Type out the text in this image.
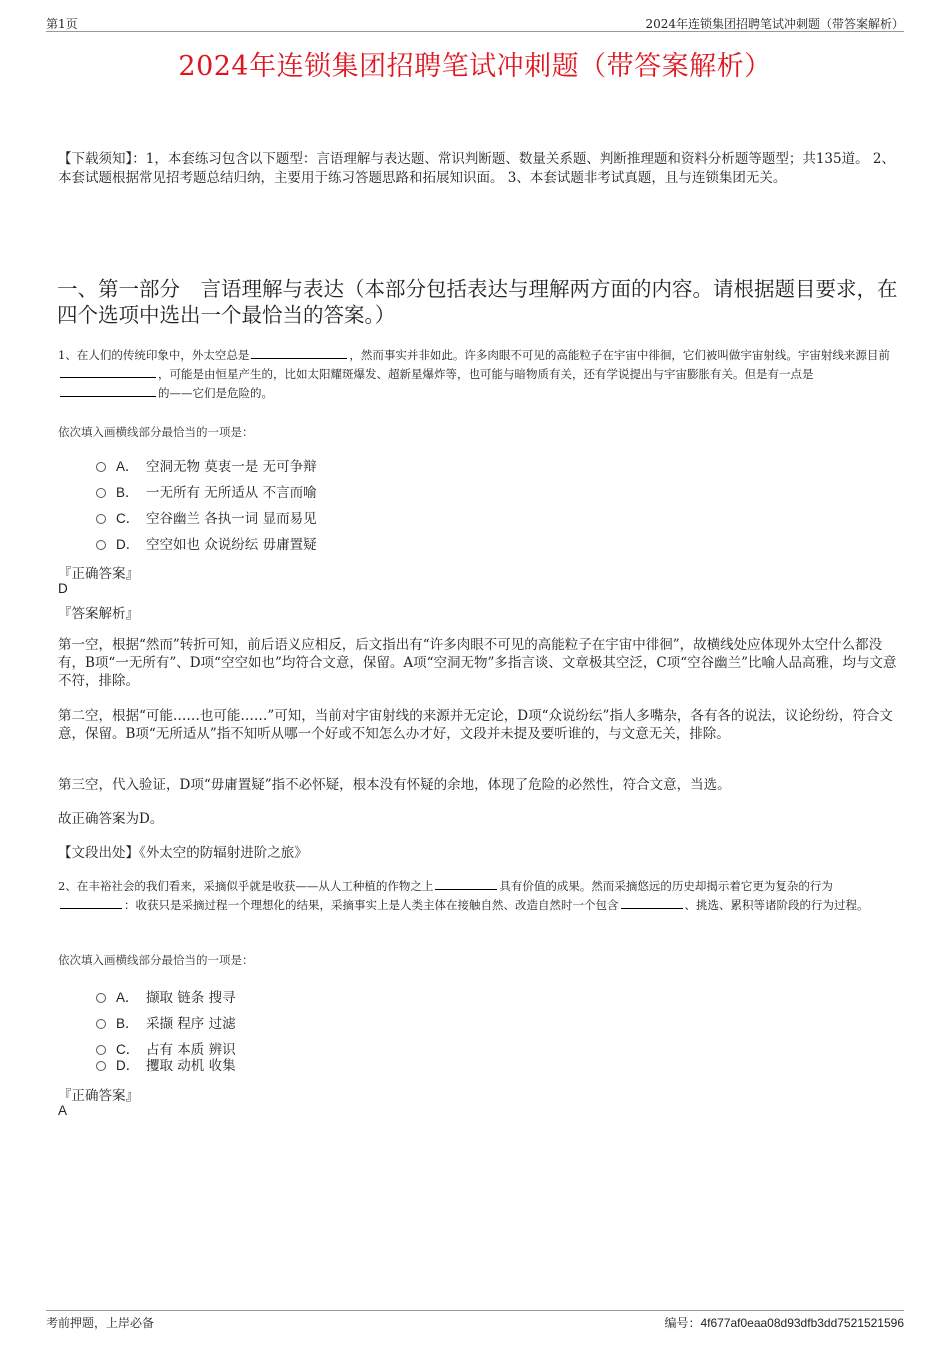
第1页	2024年连锁集团招聘笔试冲刺题（带答案解析）
2024年连锁集团招聘笔试冲刺题（带答案解析）
【下载须知】：1，本套练习包含以下题型：言语理解与表达题、常识判断题、数量关系题、判断推理题和资料分析题等题型；共135道。 2、本套试题根据常见招考题总结归纳，主要用于练习答题思路和拓展知识面。 3、本套试题非考试真题，且与连锁集团无关。
一、第一部分　言语理解与表达（本部分包括表达与理解两方面的内容。请根据题目要求，在四个选项中选出一个最恰当的答案。）
1、在人们的传统印象中，外太空总是	，然而事实并非如此。许多肉眼不可见的高能粒子在宇宙中徘徊，它们被叫做宇宙射线。宇宙射线来源目前，可能是由恒星产生的，比如太阳耀斑爆发、超新星爆炸等，也可能与暗物质有关，还有学说提出与宇宙膨胀有关。但是有一点是的——它们是危险的。
依次填入画横线部分最恰当的一项是：
A． 空洞无物 莫衷一是 无可争辩
B． 一无所有 无所适从 不言而喻
C． 空谷幽兰 各执一词 显而易见
D． 空空如也 众说纷纭 毋庸置疑
『正确答案』
D
『答案解析』
第一空，根据“然而”转折可知，前后语义应相反，后文指出有“许多肉眼不可见的高能粒子在宇宙中徘徊”，故横线处应体现外太空什么都没有，B项“一无所有”、D项“空空如也”均符合文意，保留。A项“空洞无物”多指言谈、文章极其空泛，C项“空谷幽兰”比喻人品高雅，均与文意不符，排除。
第二空，根据“可能……也可能……”可知，当前对宇宙射线的来源并无定论，D项“众说纷纭”指人多嘴杂，各有各的说法，议论纷纷，符合文意，保留。B项“无所适从”指不知听从哪一个好或不知怎么办才好，文段并未提及要听谁的，与文意无关，排除。
第三空，代入验证，D项“毋庸置疑”指不必怀疑，根本没有怀疑的余地，体现了危险的必然性，符合文意，当选。
故正确答案为D。
【文段出处】《外太空的防辐射进阶之旅》
2、在丰裕社会的我们看来，采摘似乎就是收获——从人工种植的作物之上	具有价值的成果。然而采摘悠远的历史却揭示着它更为复杂的行为：收获只是采摘过程一个理想化的结果，采摘事实上是人类主体在接触自然、改造自然时一个包含	、挑选、累积等诸阶段的行为过程。
依次填入画横线部分最恰当的一项是：
A． 撷取 链条 搜寻
B． 采撷 程序 过滤
C． 占有 本质 辨识
D． 攫取 动机 收集
『正确答案』
A
考前押题，上岸必备	编号：4f677af0eaa08d93dfb3dd7521521596
